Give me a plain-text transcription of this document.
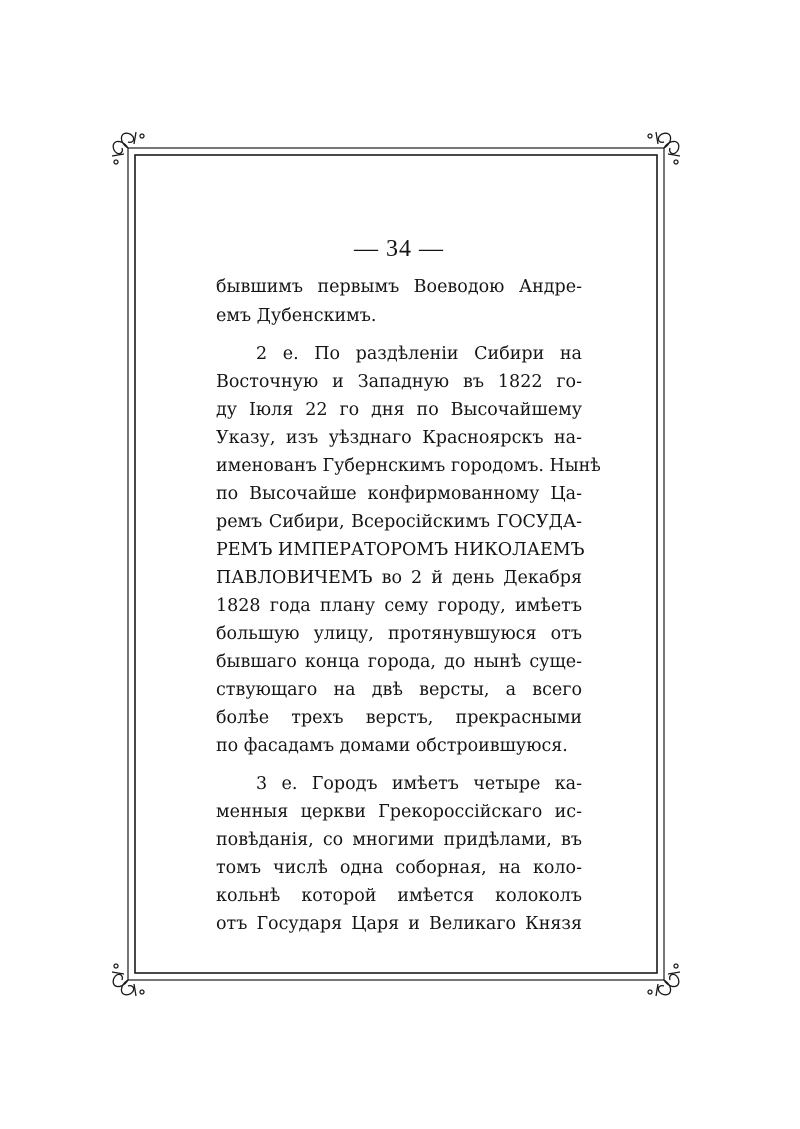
— 34 —
бывшимъ первымъ Воеводою Андре-
емъ Дубенскимъ.
2 е. По раздѣленіи Сибири на
Восточную и Западную въ 1822 го-
ду Іюля 22 го дня по Высочайшему
Указу, изъ уѣзднаго Красноярскъ на-
именованъ Губернскимъ городомъ. Нынѣ
по Высочайше конфирмованному Ца-
ремъ Сибири, Всеросійскимъ ГОСУДА-
РЕМЪ ИМПЕРАТОРОМЪ НИКОЛАЕМЪ
ПАВЛОВИЧЕМЪ во 2 й день Декабря
1828 года плану сему городу, имѣетъ
большую улицу, протянувшуюся отъ
бывшаго конца города, до нынѣ суще-
ствующаго на двѣ версты, а всего
болѣе трехъ верстъ, прекрасными
по фасадамъ домами обстроившуюся.
3 е. Городъ имѣетъ четыре ка-
менныя церкви Грекороссійскаго ис-
повѣданія, со многими придѣлами, въ
томъ числѣ одна соборная, на коло-
кольнѣ которой имѣется колоколъ
отъ Государя Царя и Великаго Князя
